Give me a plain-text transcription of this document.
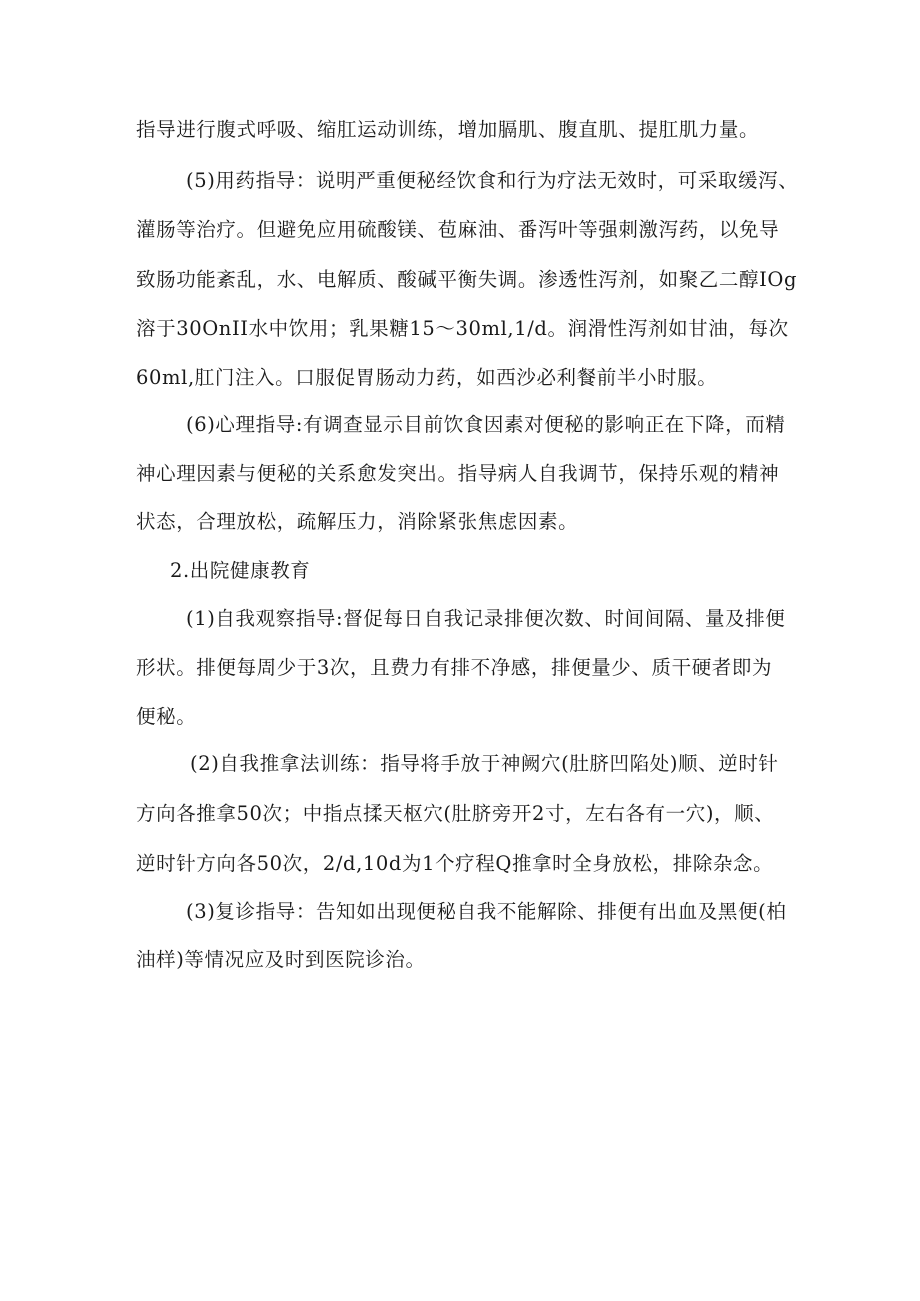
指导进行腹式呼吸、缩肛运动训练，增加膈肌、腹直肌、提肛肌力量。
(5)用药指导：说明严重便秘经饮食和行为疗法无效时，可采取缓泻、
灌肠等治疗。但避免应用硫酸镁、苞麻油、番泻叶等强刺激泻药，以免导
致肠功能紊乱，水、电解质、酸碱平衡失调。渗透性泻剂，如聚乙二醇IOg
溶于30OnII水中饮用；乳果糖15～30ml,1/d。润滑性泻剂如甘油，每次
60ml,肛门注入。口服促胃肠动力药，如西沙必利餐前半小时服。
(6)心理指导:有调查显示目前饮食因素对便秘的影响正在下降，而精
神心理因素与便秘的关系愈发突出。指导病人自我调节，保持乐观的精神
状态，合理放松，疏解压力，消除紧张焦虑因素。
2.出院健康教育
(1)自我观察指导:督促每日自我记录排便次数、时间间隔、量及排便
形状。排便每周少于3次，且费力有排不净感，排便量少、质干硬者即为
便秘。
(2)自我推拿法训练：指导将手放于神阙穴(肚脐凹陷处)顺、逆时针
方向各推拿50次；中指点揉天枢穴(肚脐旁开2寸，左右各有一穴)，顺、
逆时针方向各50次，2∕d,10d为1个疗程Q推拿时全身放松，排除杂念。
(3)复诊指导：告知如出现便秘自我不能解除、排便有出血及黑便(柏
油样)等情况应及时到医院诊治。
